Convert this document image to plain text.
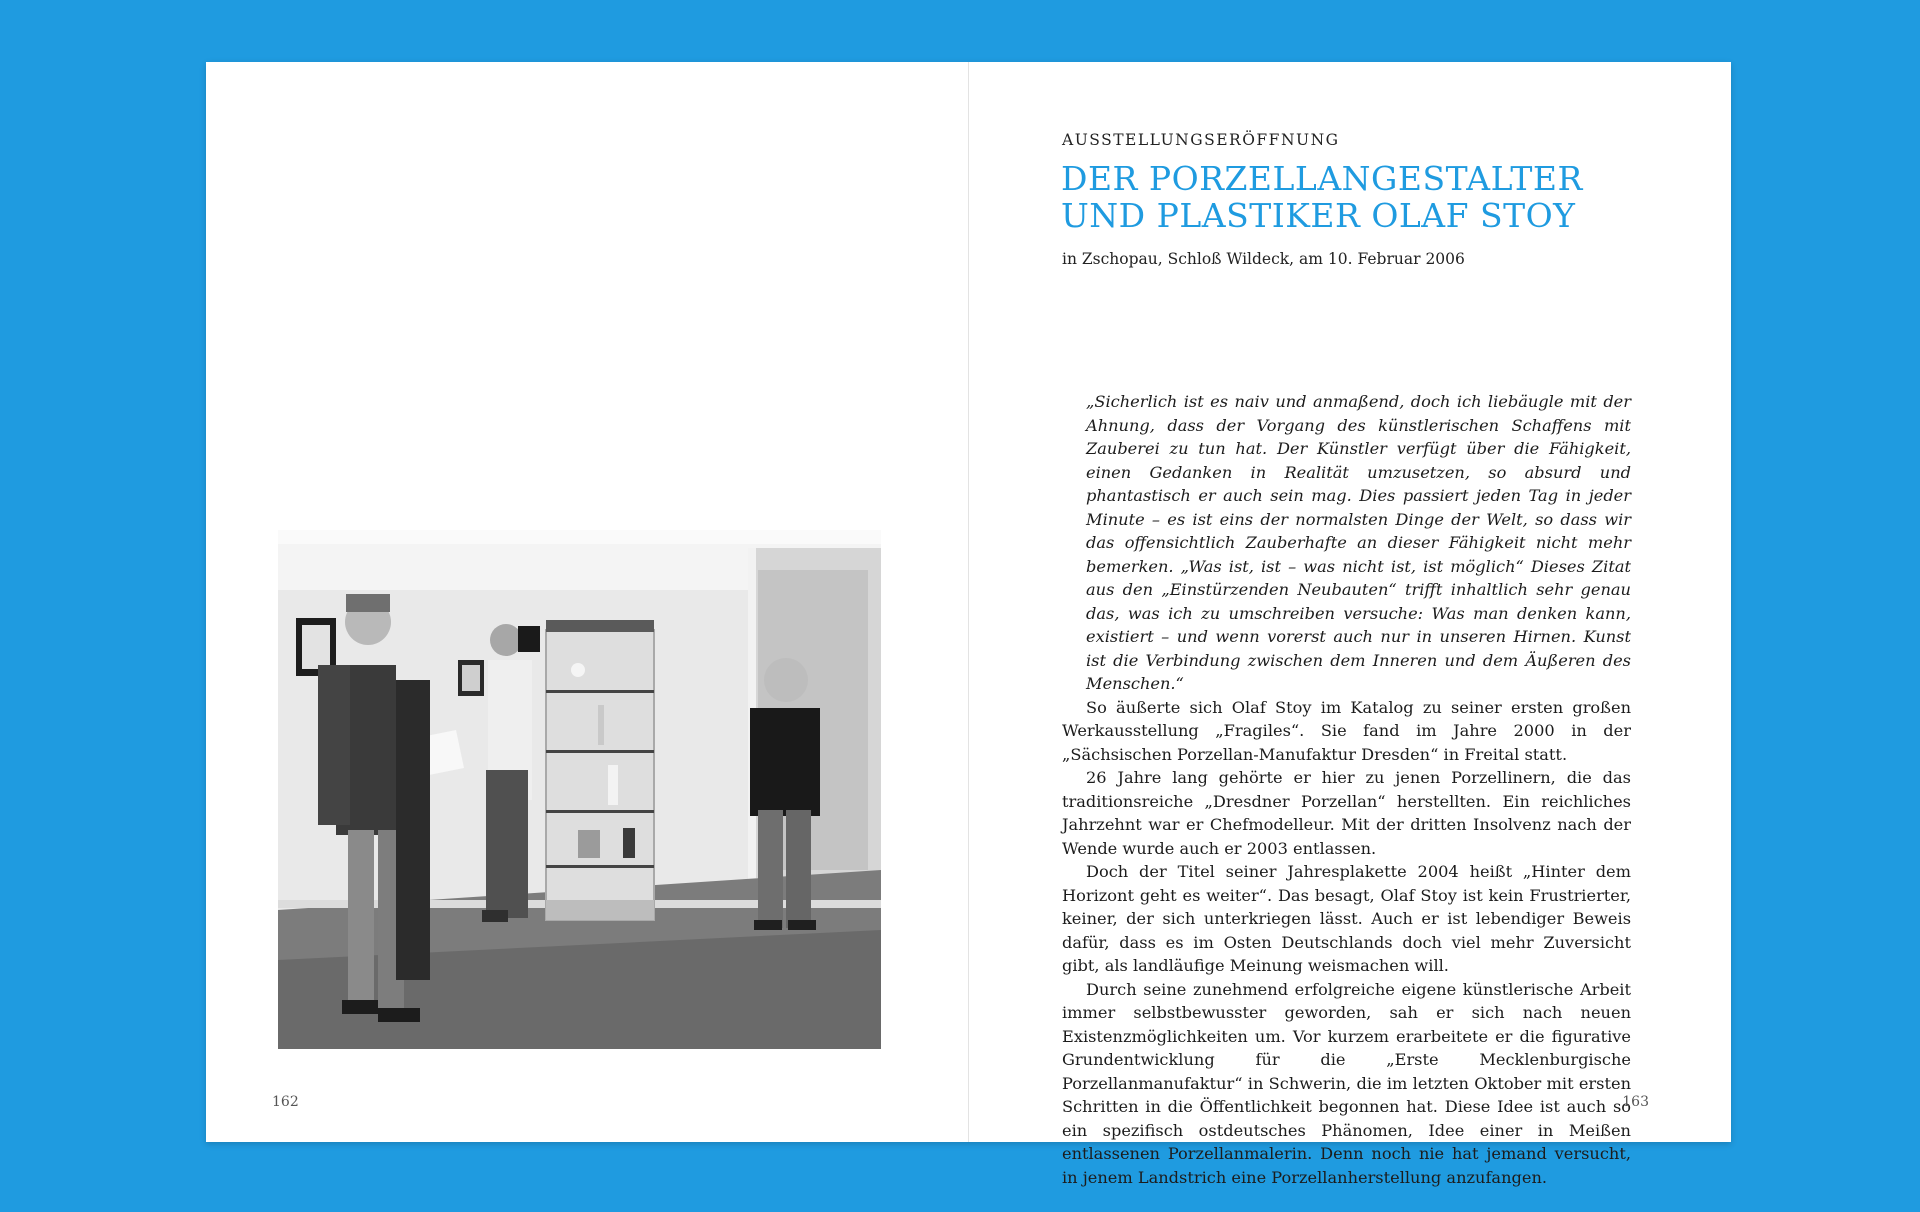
162
AUSSTELLUNGSERÖFFNUNG
DER PORZELLANGESTALTER
UND PLASTIKER OLAF STOY
in Zschopau, Schloß Wildeck, am 10. Februar 2006

„Sicherlich ist es naiv und anmaßend, doch ich liebäugle mit der Ahnung, dass der Vorgang des künstlerischen Schaffens mit Zauberei zu tun hat. Der Künstler verfügt über die Fähigkeit, einen Gedanken in Realität umzusetzen, so absurd und phantastisch er auch sein mag. Dies passiert jeden Tag in jeder Minute – es ist eins der normalsten Dinge der Welt, so dass wir das offensichtlich Zauberhafte an dieser Fähigkeit nicht mehr bemerken. „Was ist, ist – was nicht ist, ist möglich“ Dieses Zitat aus den „Einstürzenden Neubauten“ trifft inhaltlich sehr genau das, was ich zu umschreiben versuche: Was man denken kann, existiert – und wenn vorerst auch nur in unseren Hirnen. Kunst ist die Verbindung zwischen dem Inneren und dem Äußeren des Menschen.“

So äußerte sich Olaf Stoy im Katalog zu seiner ersten großen Werkausstellung „Fragiles“. Sie fand im Jahre 2000 in der „Sächsischen Porzellan-Manufaktur Dresden“ in Freital statt.

26 Jahre lang gehörte er hier zu jenen Porzellinern, die das traditionsreiche „Dresdner Porzellan“ herstellten. Ein reichliches Jahrzehnt war er Chefmodelleur. Mit der dritten Insolvenz nach der Wende wurde auch er 2003 entlassen.

Doch der Titel seiner Jahresplakette 2004 heißt „Hinter dem Horizont geht es weiter“. Das besagt, Olaf Stoy ist kein Frustrierter, keiner, der sich unterkriegen lässt. Auch er ist lebendiger Beweis dafür, dass es im Osten Deutschlands doch viel mehr Zuversicht gibt, als landläufige Meinung weismachen will.

Durch seine zunehmend erfolgreiche eigene künstlerische Arbeit immer selbstbewusster geworden, sah er sich nach neuen Existenzmöglichkeiten um. Vor kurzem erarbeitete er die figurative Grundentwicklung für die „Erste Mecklenburgische Porzellanmanufaktur“ in Schwerin, die im letzten Oktober mit ersten Schritten in die Öffentlichkeit begonnen hat. Diese Idee ist auch so ein spezifisch ostdeutsches Phänomen, Idee einer in Meißen entlassenen Porzellanmalerin. Denn noch nie hat jemand versucht, in jenem Landstrich eine Porzellanherstellung anzufangen.

163
